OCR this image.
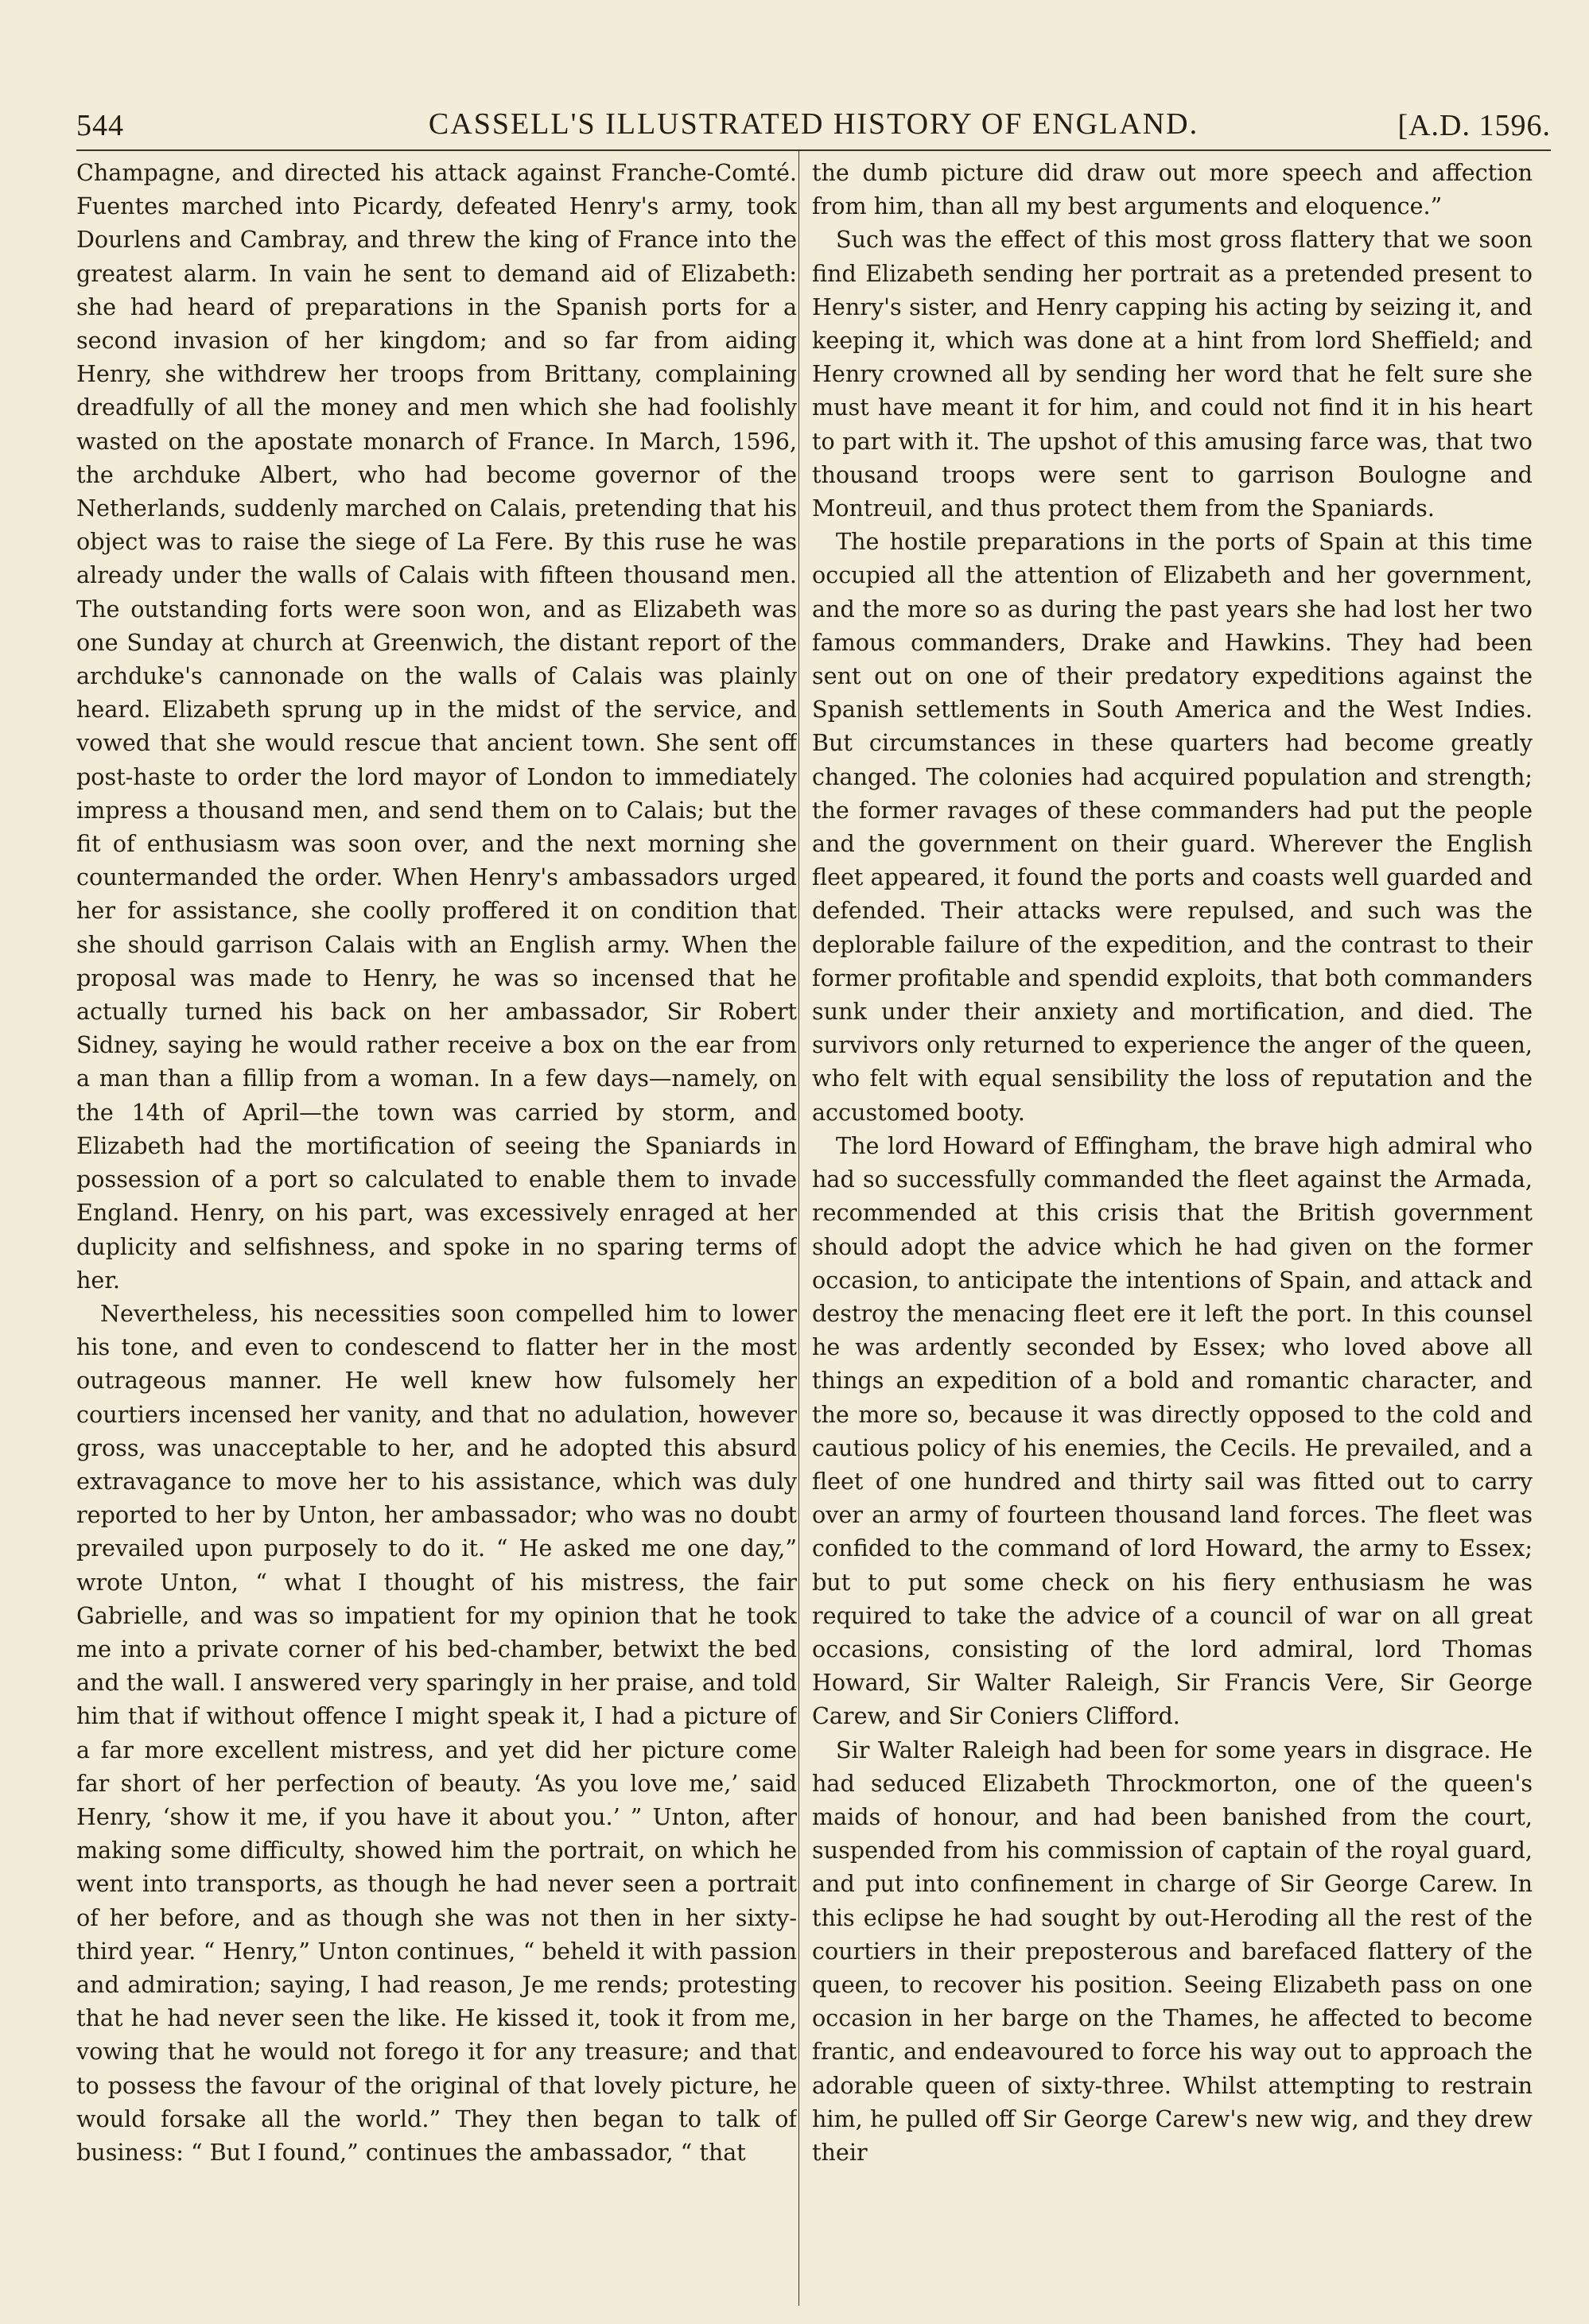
544	CASSELL'S ILLUSTRATED HISTORY OF ENGLAND.	[A.D. 1596.

Champagne, and directed his attack against Franche-Comté. Fuentes marched into Picardy, defeated Henry's army, took Dourlens and Cambray, and threw the king of France into the greatest alarm. In vain he sent to demand aid of Elizabeth: she had heard of preparations in the Spanish ports for a second invasion of her kingdom; and so far from aiding Henry, she withdrew her troops from Brittany, complaining dreadfully of all the money and men which she had foolishly wasted on the apostate monarch of France. In March, 1596, the archduke Albert, who had become governor of the Netherlands, suddenly marched on Calais, pretending that his object was to raise the siege of La Fere. By this ruse he was already under the walls of Calais with fifteen thousand men. The outstanding forts were soon won, and as Elizabeth was one Sunday at church at Greenwich, the distant report of the archduke's cannonade on the walls of Calais was plainly heard. Elizabeth sprung up in the midst of the service, and vowed that she would rescue that ancient town. She sent off post-haste to order the lord mayor of London to immediately impress a thousand men, and send them on to Calais; but the fit of enthusiasm was soon over, and the next morning she countermanded the order. When Henry's ambassadors urged her for assistance, she coolly proffered it on condition that she should garrison Calais with an English army. When the proposal was made to Henry, he was so incensed that he actually turned his back on her ambassador, Sir Robert Sidney, saying he would rather receive a box on the ear from a man than a fillip from a woman. In a few days—namely, on the 14th of April—the town was carried by storm, and Elizabeth had the mortification of seeing the Spaniards in possession of a port so calculated to enable them to invade England. Henry, on his part, was excessively enraged at her duplicity and selfishness, and spoke in no sparing terms of her.

Nevertheless, his necessities soon compelled him to lower his tone, and even to condescend to flatter her in the most outrageous manner. He well knew how fulsomely her courtiers incensed her vanity, and that no adulation, however gross, was unacceptable to her, and he adopted this absurd extravagance to move her to his assistance, which was duly reported to her by Unton, her ambassador; who was no doubt prevailed upon purposely to do it. “ He asked me one day,” wrote Unton, “ what I thought of his mistress, the fair Gabrielle, and was so impatient for my opinion that he took me into a private corner of his bed-chamber, betwixt the bed and the wall. I answered very sparingly in her praise, and told him that if without offence I might speak it, I had a picture of a far more excellent mistress, and yet did her picture come far short of her perfection of beauty. ‘As you love me,’ said Henry, ‘show it me, if you have it about you.’ ” Unton, after making some difficulty, showed him the portrait, on which he went into transports, as though he had never seen a portrait of her before, and as though she was not then in her sixty-third year. “ Henry,” Unton continues, “ beheld it with passion and admiration; saying, I had reason, Je me rends; protesting that he had never seen the like. He kissed it, took it from me, vowing that he would not forego it for any treasure; and that to possess the favour of the original of that lovely picture, he would forsake all the world.” They then began to talk of business: “ But I found,” continues the ambassador, “ that

the dumb picture did draw out more speech and affection from him, than all my best arguments and eloquence.”

Such was the effect of this most gross flattery that we soon find Elizabeth sending her portrait as a pretended present to Henry's sister, and Henry capping his acting by seizing it, and keeping it, which was done at a hint from lord Sheffield; and Henry crowned all by sending her word that he felt sure she must have meant it for him, and could not find it in his heart to part with it. The upshot of this amusing farce was, that two thousand troops were sent to garrison Boulogne and Montreuil, and thus protect them from the Spaniards.

The hostile preparations in the ports of Spain at this time occupied all the attention of Elizabeth and her government, and the more so as during the past years she had lost her two famous commanders, Drake and Hawkins. They had been sent out on one of their predatory expeditions against the Spanish settlements in South America and the West Indies. But circumstances in these quarters had become greatly changed. The colonies had acquired population and strength; the former ravages of these commanders had put the people and the government on their guard. Wherever the English fleet appeared, it found the ports and coasts well guarded and defended. Their attacks were repulsed, and such was the deplorable failure of the expedition, and the contrast to their former profitable and spendid exploits, that both commanders sunk under their anxiety and mortification, and died. The survivors only returned to experience the anger of the queen, who felt with equal sensibility the loss of reputation and the accustomed booty.

The lord Howard of Effingham, the brave high admiral who had so successfully commanded the fleet against the Armada, recommended at this crisis that the British government should adopt the advice which he had given on the former occasion, to anticipate the intentions of Spain, and attack and destroy the menacing fleet ere it left the port. In this counsel he was ardently seconded by Essex; who loved above all things an expedition of a bold and romantic character, and the more so, because it was directly opposed to the cold and cautious policy of his enemies, the Cecils. He prevailed, and a fleet of one hundred and thirty sail was fitted out to carry over an army of fourteen thousand land forces. The fleet was confided to the command of lord Howard, the army to Essex; but to put some check on his fiery enthusiasm he was required to take the advice of a council of war on all great occasions, consisting of the lord admiral, lord Thomas Howard, Sir Walter Raleigh, Sir Francis Vere, Sir George Carew, and Sir Coniers Clifford.

Sir Walter Raleigh had been for some years in disgrace. He had seduced Elizabeth Throckmorton, one of the queen's maids of honour, and had been banished from the court, suspended from his commission of captain of the royal guard, and put into confinement in charge of Sir George Carew. In this eclipse he had sought by out-Heroding all the rest of the courtiers in their preposterous and barefaced flattery of the queen, to recover his position. Seeing Elizabeth pass on one occasion in her barge on the Thames, he affected to become frantic, and endeavoured to force his way out to approach the adorable queen of sixty-three. Whilst attempting to restrain him, he pulled off Sir George Carew's new wig, and they drew their
